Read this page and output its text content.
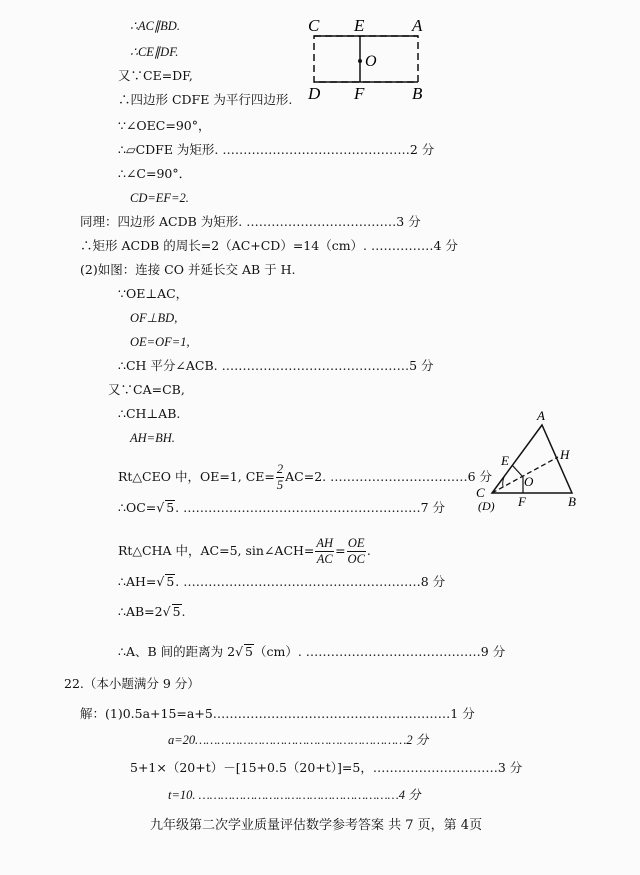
C E	A
D F	B
O
A
H
E
O
C
(D) F	B
∴AC∥BD.
∴CE∥DF.
又∵CE=DF,
∴四边形 CDFE 为平行四边形.
∵∠OEC=90°，
∴▱CDFE 为矩形. ………………………………………2 分
∴∠C=90°．
CD=EF=2.
同理：四边形 ACDB 为矩形. ………………………………3 分
∴矩形 ACDB 的周长=2（AC+CD）=14（cm）. ……………4 分
(2)如图：连接 CO 并延长交 AB 于 H.
∵OE⊥AC，
OF⊥BD,
OE=OF=1,
∴CH 平分∠ACB. ………………………………………5 分
又∵CA=CB,
∴CH⊥AB.
AH=BH.
Rt△CEO 中，OE=1, $CE= \frac{2}{5} AC=2$. ……………………………6 分
∴OC=√ 5. …………………………………………………7 分
Rt△CHA 中，AC=5, sin∠ACH= $\frac{AH}{AC} = \frac{OE}{OC}$ .
∴AH=√ 5. …………………………………………………8 分
∴AB=2√ 5.
∴A、B 间的距离为 2√ 5（cm）. ……………………………………9 分
22.（本小题满分 9 分）
解：(1)0.5a+15=a+5…………………………………………………1 分
a=20…………………………………………………2 分
5+1×（20+t）－[15+0.5（20+t）]=5，…………………………3 分
t=10. ………………………………………………4 分
九年级第二次学业质量评估数学参考答案 共 7 页，第 4页
